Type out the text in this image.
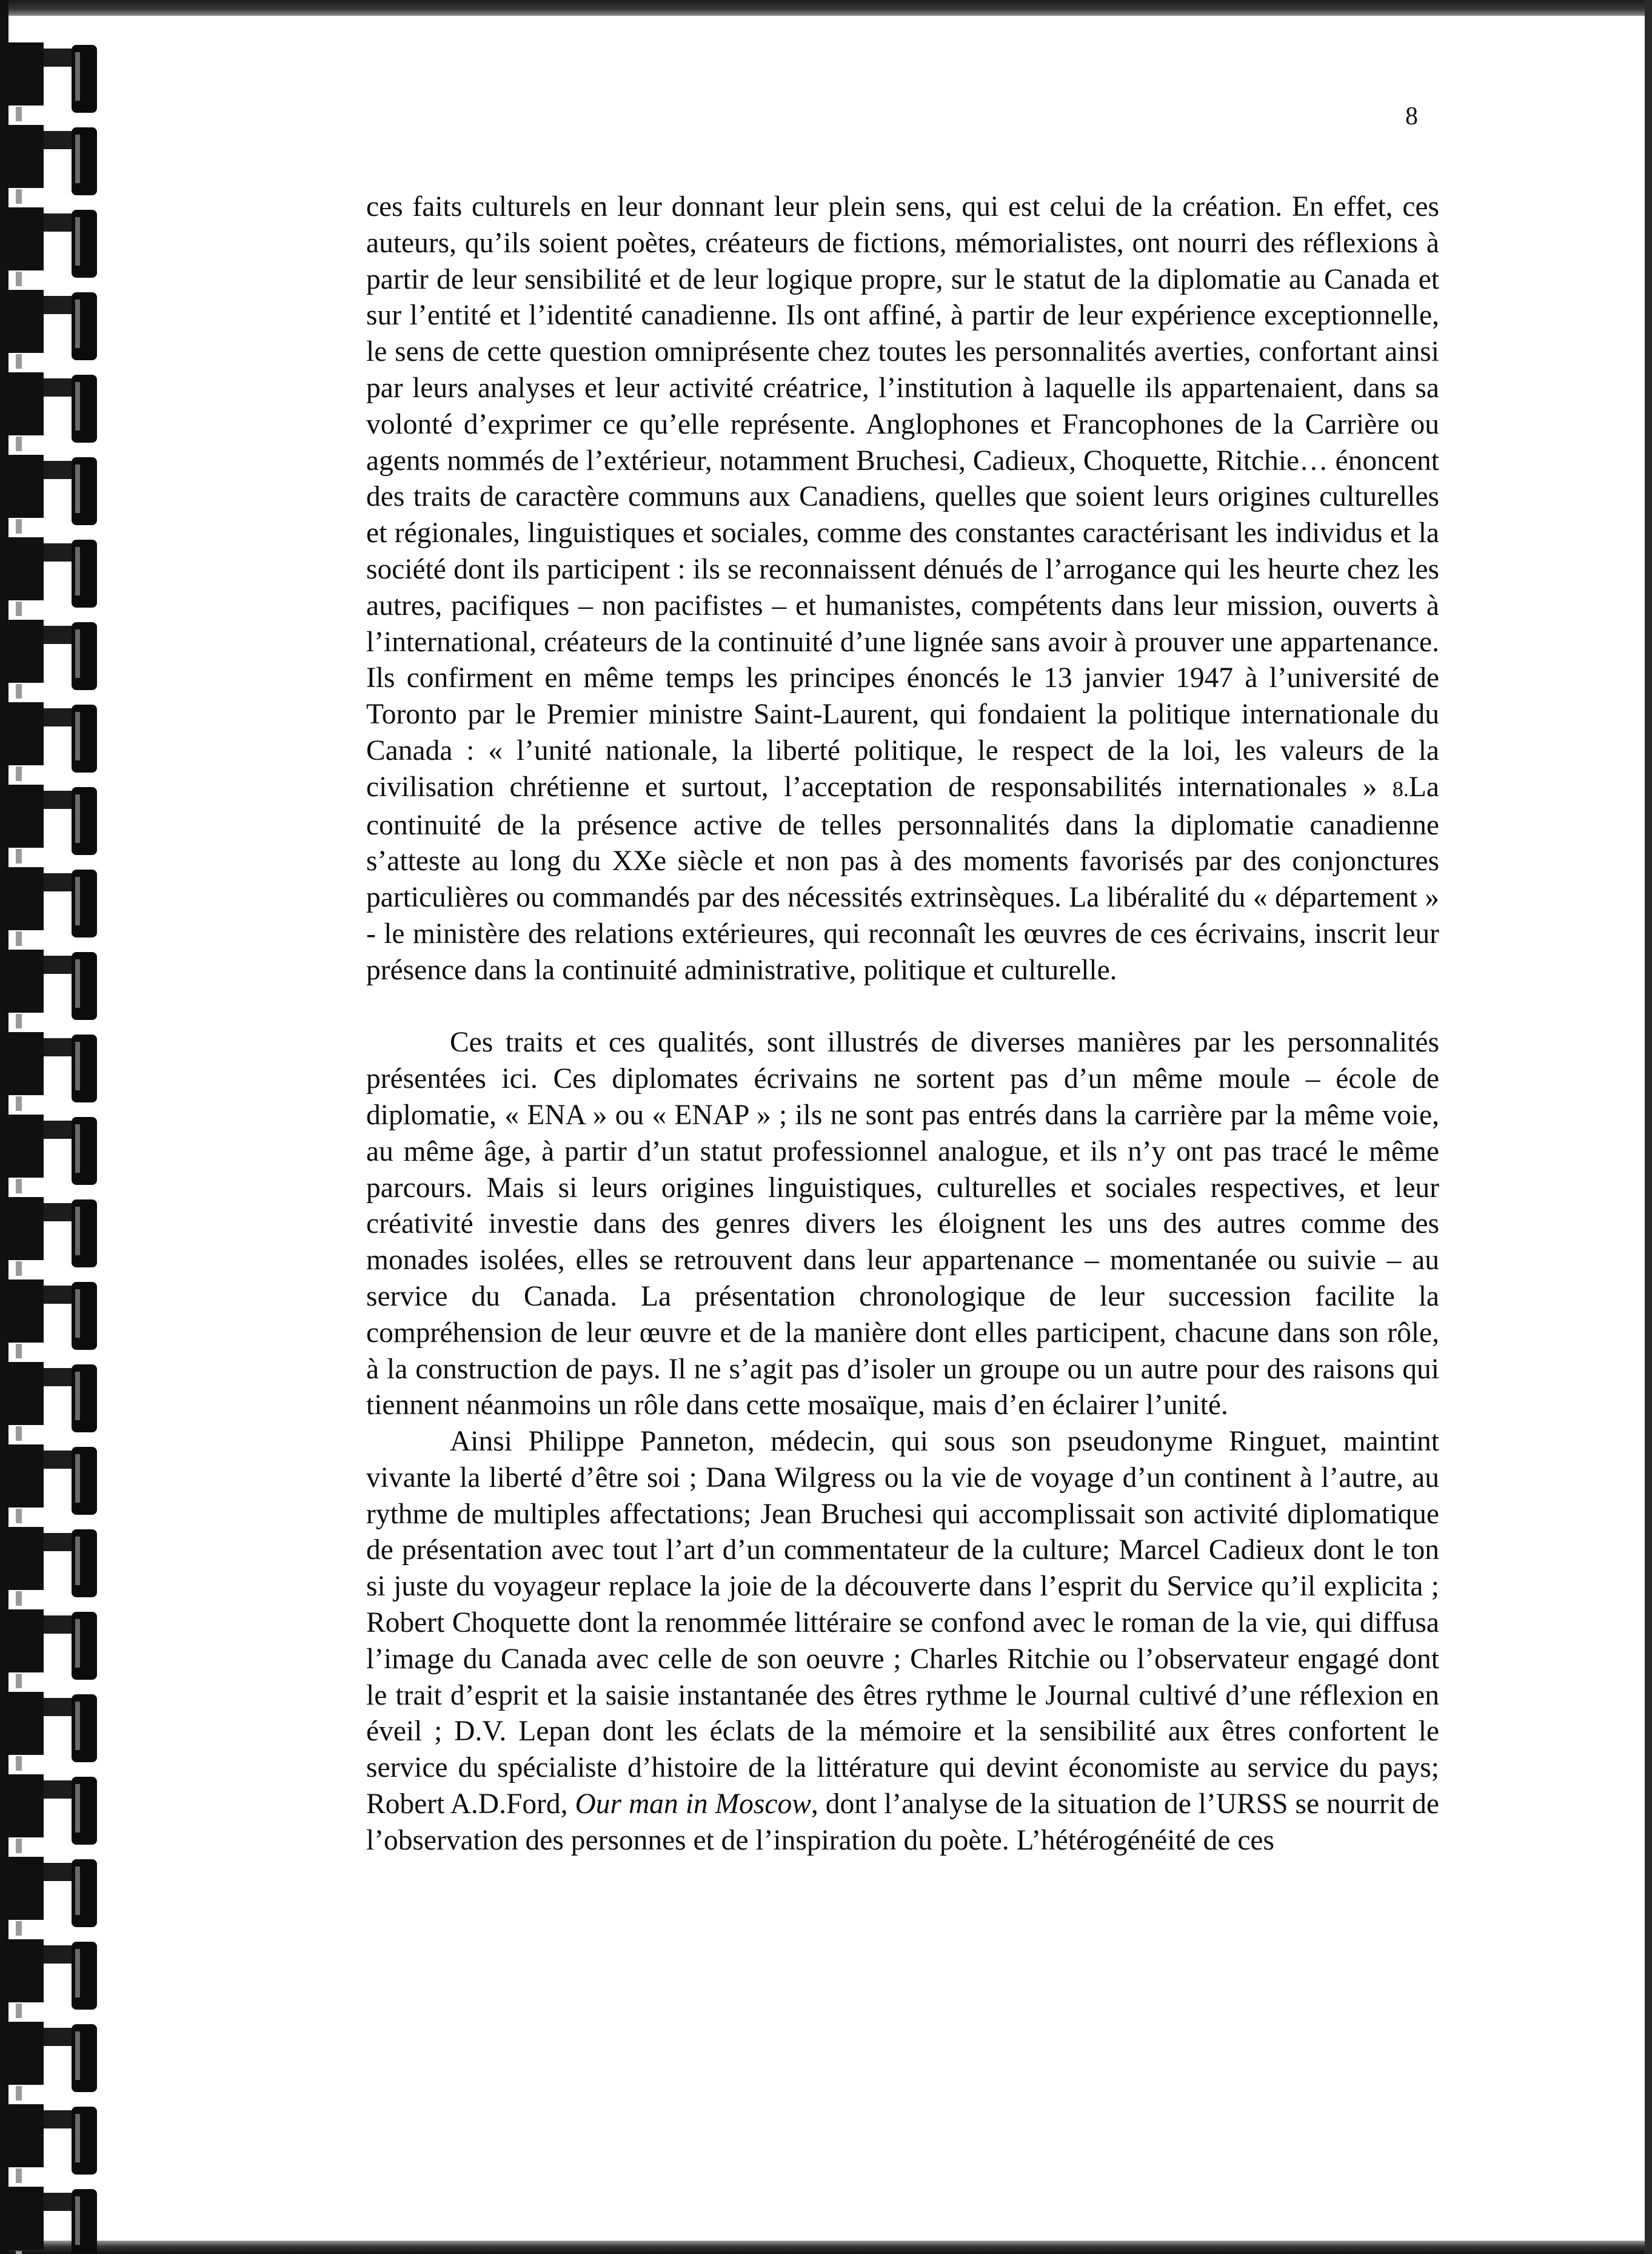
8

ces faits culturels en leur donnant leur plein sens, qui est celui de la création. En effet, ces auteurs, qu’ils soient poètes, créateurs de fictions, mémorialistes, ont nourri des réflexions à partir de leur sensibilité et de leur logique propre, sur le statut de la diplomatie au Canada et sur l’entité et l’identité canadienne. Ils ont affiné, à partir de leur expérience exceptionnelle, le sens de cette question omniprésente chez toutes les personnalités averties, confortant ainsi par leurs analyses et leur activité créatrice, l’institution à laquelle ils appartenaient, dans sa volonté d’exprimer ce qu’elle représente. Anglophones et Francophones de la Carrière ou agents nommés de l’extérieur, notamment Bruchesi, Cadieux, Choquette, Ritchie… énoncent des traits de caractère communs aux Canadiens, quelles que soient leurs origines culturelles et régionales, linguistiques et sociales, comme des constantes caractérisant les individus et la société dont ils participent : ils se reconnaissent dénués de l’arrogance qui les heurte chez les autres, pacifiques – non pacifistes – et humanistes, compétents dans leur mission, ouverts à l’international, créateurs de la continuité d’une lignée sans avoir à prouver une appartenance. Ils confirment en même temps les principes énoncés le 13 janvier 1947 à l’université de Toronto par le Premier ministre Saint-Laurent, qui fondaient la politique internationale du Canada : « l’unité nationale, la liberté politique, le respect de la loi, les valeurs de la civilisation chrétienne et surtout, l’acceptation de responsabilités internationales » 8.La continuité de la présence active de telles personnalités dans la diplomatie canadienne s’atteste au long du XXe siècle et non pas à des moments favorisés par des conjonctures particulières ou commandés par des nécessités extrinsèques. La libéralité du « département » - le ministère des relations extérieures, qui reconnaît les œuvres de ces écrivains, inscrit leur présence dans la continuité administrative, politique et culturelle.

Ces traits et ces qualités, sont illustrés de diverses manières par les personnalités présentées ici. Ces diplomates écrivains ne sortent pas d’un même moule – école de diplomatie, « ENA » ou « ENAP » ; ils ne sont pas entrés dans la carrière par la même voie, au même âge, à partir d’un statut professionnel analogue, et ils n’y ont pas tracé le même parcours. Mais si leurs origines linguistiques, culturelles et sociales respectives, et leur créativité investie dans des genres divers les éloignent les uns des autres comme des monades isolées, elles se retrouvent dans leur appartenance – momentanée ou suivie – au service du Canada. La présentation chronologique de leur succession facilite la compréhension de leur œuvre et de la manière dont elles participent, chacune dans son rôle, à la construction de pays. Il ne s’agit pas d’isoler un groupe ou un autre pour des raisons qui tiennent néanmoins un rôle dans cette mosaïque, mais d’en éclairer l’unité.

Ainsi Philippe Panneton, médecin, qui sous son pseudonyme Ringuet, maintint vivante la liberté d’être soi ; Dana Wilgress ou la vie de voyage d’un continent à l’autre, au rythme de multiples affectations; Jean Bruchesi qui accomplissait son activité diplomatique de présentation avec tout l’art d’un commentateur de la culture; Marcel Cadieux dont le ton si juste du voyageur replace la joie de la découverte dans l’esprit du Service qu’il explicita ; Robert Choquette dont la renommée littéraire se confond avec le roman de la vie, qui diffusa l’image du Canada avec celle de son oeuvre ; Charles Ritchie ou l’observateur engagé dont le trait d’esprit et la saisie instantanée des êtres rythme le Journal cultivé d’une réflexion en éveil ; D.V. Lepan dont les éclats de la mémoire et la sensibilité aux êtres confortent le service du spécialiste d’histoire de la littérature qui devint économiste au service du pays; Robert A.D.Ford, Our man in Moscow, dont l’analyse de la situation de l’URSS se nourrit de l’observation des personnes et de l’inspiration du poète. L’hétérogénéité de ces
